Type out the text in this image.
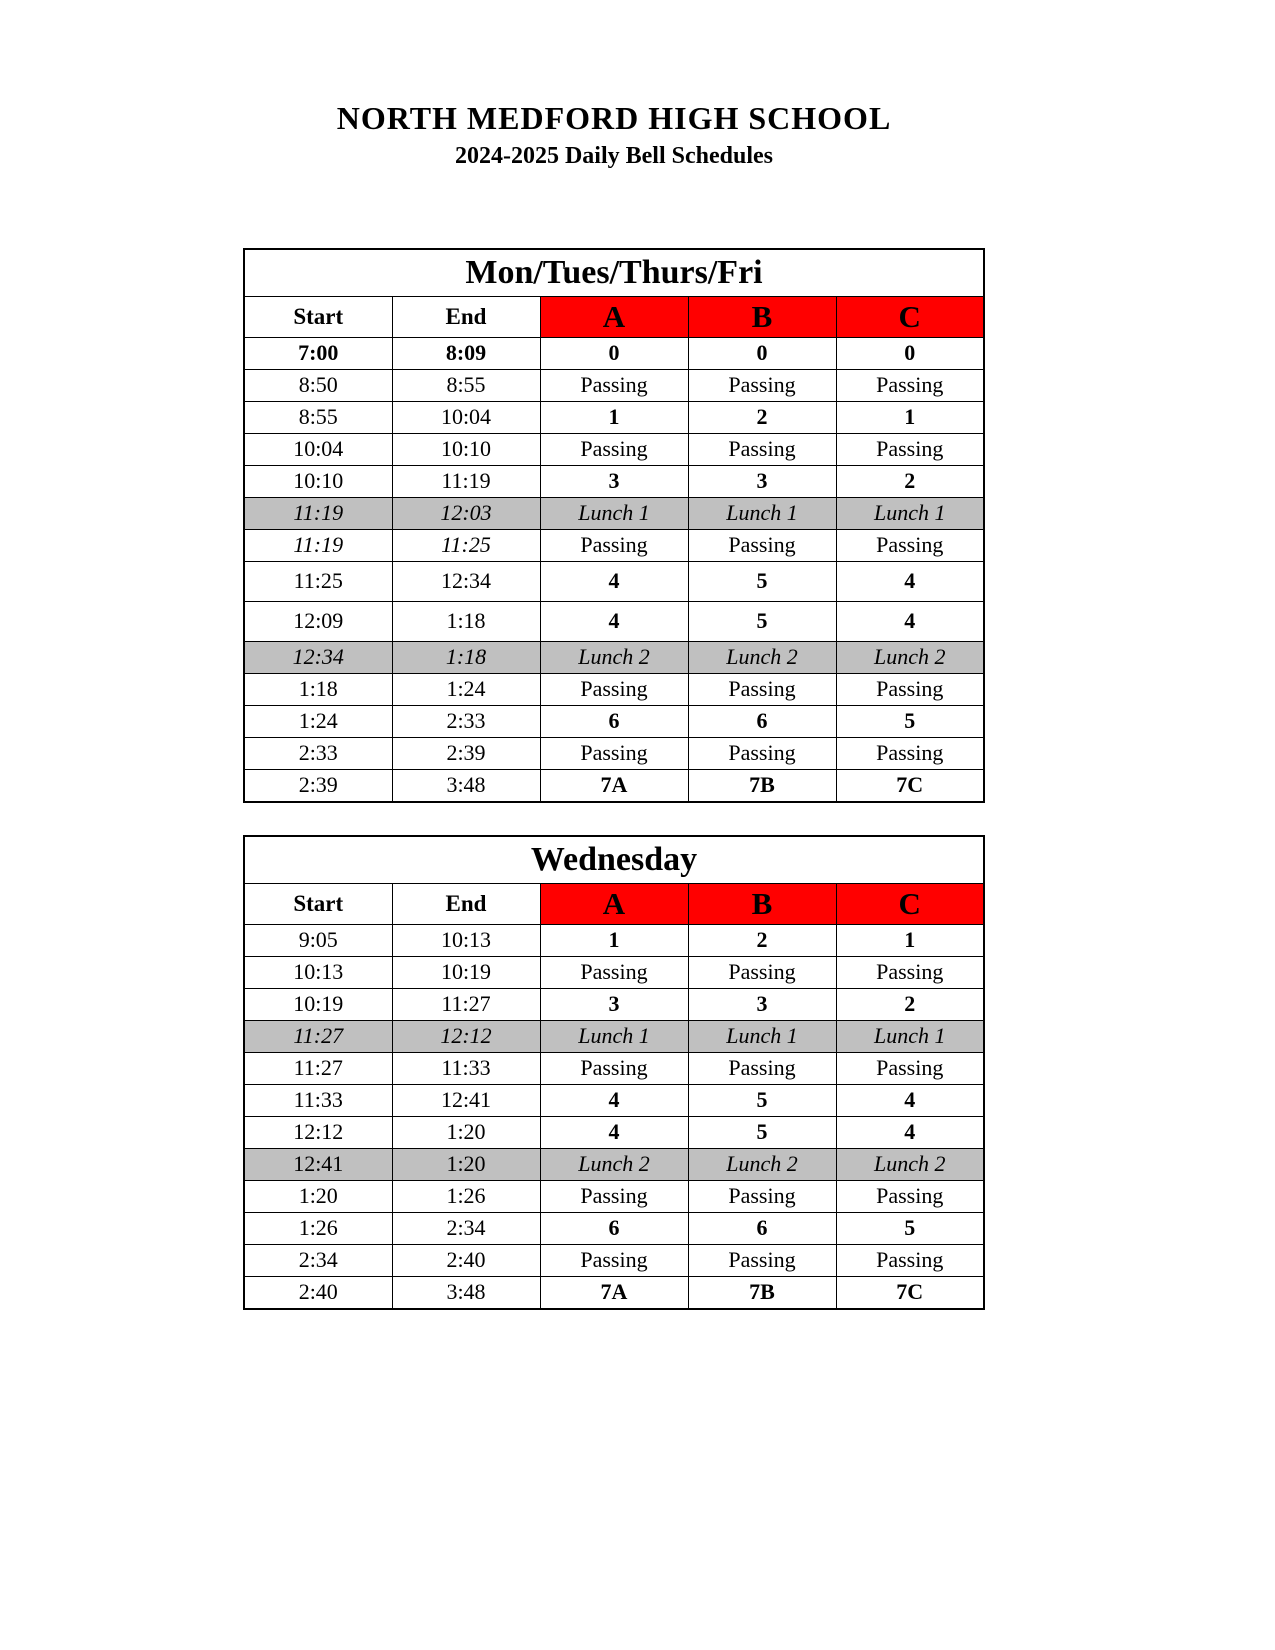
NORTH MEDFORD HIGH SCHOOL
2024-2025 Daily Bell Schedules
Mon/Tues/Thurs/Fri				
Start	End	A	B	C
7:00	8:09	0	0	0
8:50	8:55	Passing	Passing	Passing
8:55	10:04	1	2	1
10:04	10:10	Passing	Passing	Passing
10:10	11:19	3	3	2
11:19	12:03	Lunch 1	Lunch 1	Lunch 1
11:19	11:25	Passing	Passing	Passing
11:25	12:34	4	5	4
12:09	1:18	4	5	4
12:34	1:18	Lunch 2	Lunch 2	Lunch 2
1:18	1:24	Passing	Passing	Passing
1:24	2:33	6	6	5
2:33	2:39	Passing	Passing	Passing
2:39	3:48	7A	7B	7C
Wednesday				
Start	End	A	B	C
9:05	10:13	1	2	1
10:13	10:19	Passing	Passing	Passing
10:19	11:27	3	3	2
11:27	12:12	Lunch 1	Lunch 1	Lunch 1
11:27	11:33	Passing	Passing	Passing
11:33	12:41	4	5	4
12:12	1:20	4	5	4
12:41	1:20	Lunch 2	Lunch 2	Lunch 2
1:20	1:26	Passing	Passing	Passing
1:26	2:34	6	6	5
2:34	2:40	Passing	Passing	Passing
2:40	3:48	7A	7B	7C
